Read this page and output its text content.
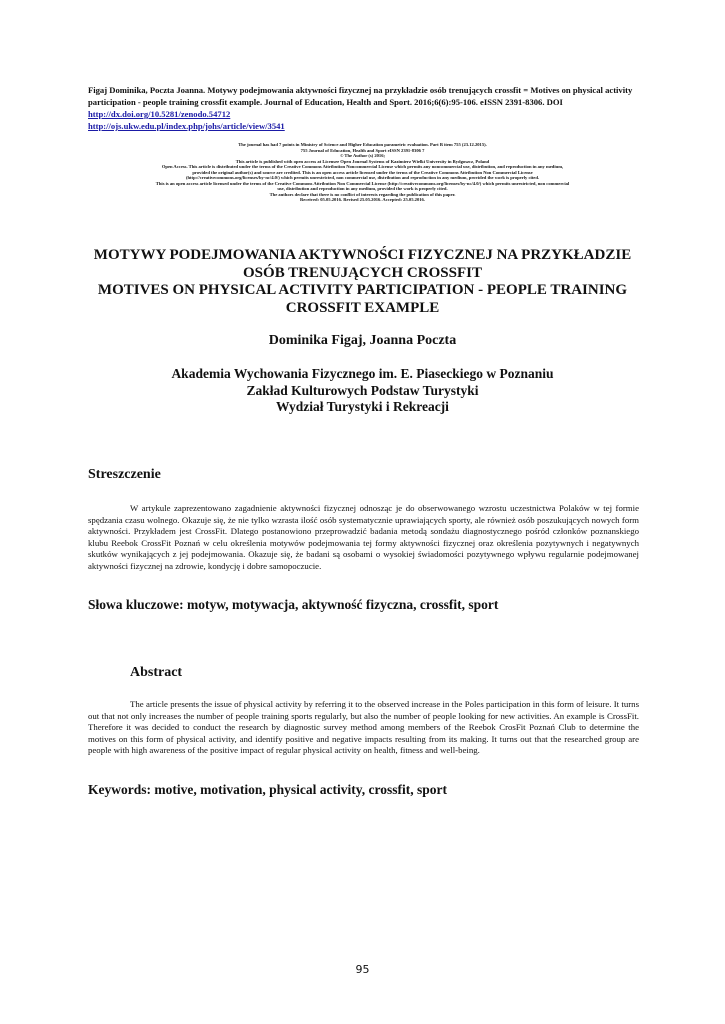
Figaj Dominika, Poczta Joanna. Motywy podejmowania aktywności fizycznej na przykładzie osób trenujących crossfit = Motives on physical activity participation - people training crossfit example. Journal of Education, Health and Sport. 2016;6(6):95-106. eISSN 2391-8306. DOI http://dx.doi.org/10.5281/zenodo.54712
http://ojs.ukw.edu.pl/index.php/johs/article/view/3541
The journal has had 7 points in Ministry of Science and Higher Education parametric evaluation. Part B item 755 (23.12.2015).
755 Journal of Education, Health and Sport eISSN 2391-8306 7
© The Author (s) 2016;
This article is published with open access at Licensee Open Journal Systems of Kazimierz Wielki University in Bydgoszcz, Poland
Open Access. This article is distributed under the terms of the Creative Commons Attribution Noncommercial License which permits any noncommercial use, distribution, and reproduction in any medium,
provided the original author(s) and source are credited. This is an open access article licensed under the terms of the Creative Commons Attribution Non Commercial License
(http://creativecommons.org/licenses/by-nc/4.0/) which permits unrestricted, non commercial use, distribution and reproduction in any medium, provided the work is properly cited.
This is an open access article licensed under the terms of the Creative Commons Attribution Non Commercial License (http://creativecommons.org/licenses/by-nc/4.0/) which permits unrestricted, non commercial
use, distribution and reproduction in any medium, provided the work is properly cited.
The authors declare that there is no conflict of interests regarding the publication of this paper.
Received: 05.05.2016. Revised 25.05.2016. Accepted: 25.05.2016.
MOTYWY PODEJMOWANIA AKTYWNOŚCI FIZYCZNEJ NA PRZYKŁADZIE
OSÓB TRENUJĄCYCH CROSSFIT
MOTIVES ON PHYSICAL ACTIVITY PARTICIPATION - PEOPLE TRAINING
CROSSFIT EXAMPLE
Dominika Figaj, Joanna Poczta
Akademia Wychowania Fizycznego im. E. Piaseckiego w Poznaniu
Zakład Kulturowych Podstaw Turystyki
Wydział Turystyki i Rekreacji
Streszczenie
W artykule zaprezentowano zagadnienie aktywności fizycznej odnosząc je do obserwowanego wzrostu uczestnictwa Polaków w tej formie spędzania czasu wolnego. Okazuje się, że nie tylko wzrasta ilość osób systematycznie uprawiających sporty, ale również osób poszukujących nowych form aktywności. Przykładem jest CrossFit. Dlatego postanowiono przeprowadzić badania metodą sondażu diagnostycznego pośród członków poznanskiego klubu Reebok CrossFit Poznań w celu określenia motywów podejmowania tej formy aktywności fizycznej oraz określenia pozytywnych i negatywnych skutków wynikających z jej podejmowania. Okazuje się, że badani są osobami o wysokiej świadomości pozytywnego wpływu regularnie podejmowanej aktywności fizycznej na zdrowie, kondycję i dobre samopoczucie.
Słowa kluczowe: motyw, motywacja, aktywność fizyczna, crossfit, sport
Abstract
The article presents the issue of physical activity by referring it to the observed increase in the Poles participation in this form of leisure. It turns out that not only increases the number of people training sports regularly, but also the number of people looking for new activities. An example is CrossFit. Therefore it was decided to conduct the research by diagnostic survey method among members of the Reebok CrosFit Poznań Club to determine the motives on this form of physical activity, and identify positive and negative impacts resulting from its making. It turns out that the researched group are people with high awareness of the positive impact of regular physical activity on health, fitness and well-being.
Keywords: motive, motivation, physical activity, crossfit, sport
95
